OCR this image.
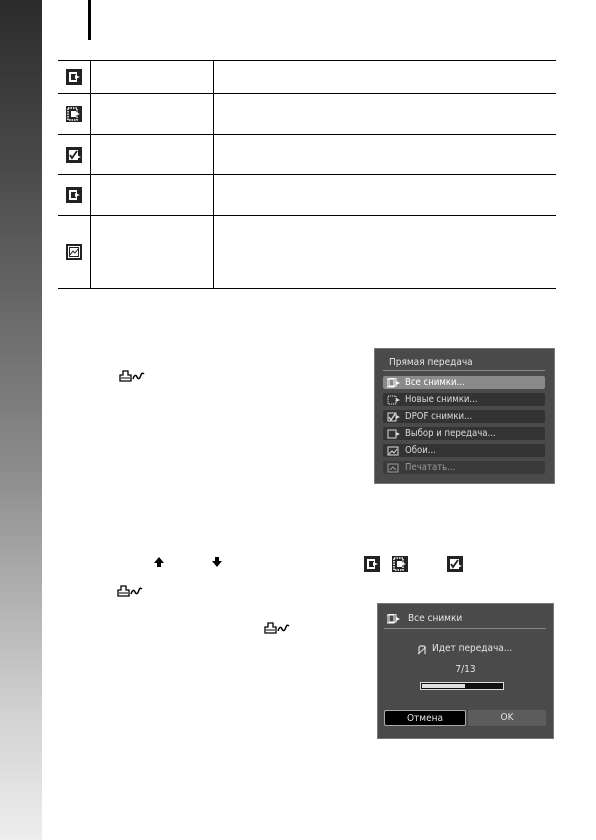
Прямая передача
Все снимки...
Новые снимки...
DPOF снимки...
Выбор и передача...
Обои...
Печатать...
Все снимки
Идет передача...
7/13
Отмена	OK
